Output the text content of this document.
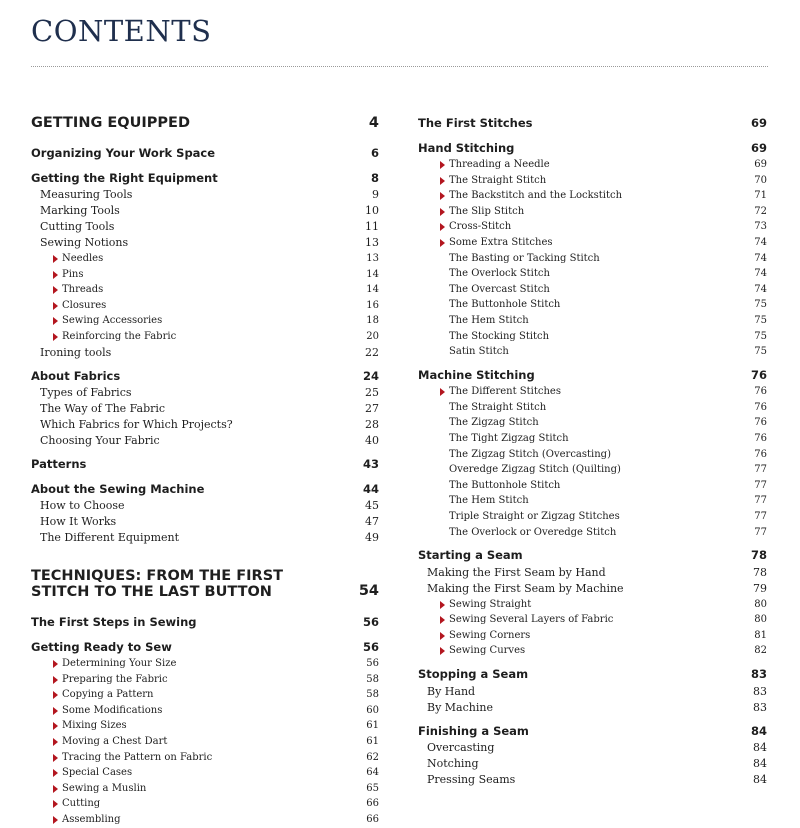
CONTENTS
GETTING EQUIPPED	4
Organizing Your Work Space	6
Getting the Right Equipment	8
Measuring Tools	9
Marking Tools	10
Cutting Tools	11
Sewing Notions	13
Needles	13
Pins	14
Threads	14
Closures	16
Sewing Accessories	18
Reinforcing the Fabric	20
Ironing tools	22
About Fabrics	24
Types of Fabrics	25
The Way of The Fabric	27
Which Fabrics for Which Projects?	28
Choosing Your Fabric	40
Patterns	43
About the Sewing Machine	44
How to Choose	45
How It Works	47
The Different Equipment	49
TECHNIQUES: FROM THE FIRST STITCH TO THE LAST BUTTON	54
The First Steps in Sewing	56
Getting Ready to Sew	56
Determining Your Size	56
Preparing the Fabric	58
Copying a Pattern	58
Some Modifications	60
Mixing Sizes	61
Moving a Chest Dart	61
Tracing the Pattern on Fabric	62
Special Cases	64
Sewing a Muslin	65
Cutting	66
Assembling	66
The First Stitches	69
Hand Stitching	69
Threading a Needle	69
The Straight Stitch	70
The Backstitch and the Lockstitch	71
The Slip Stitch	72
Cross-Stitch	73
Some Extra Stitches	74
The Basting or Tacking Stitch	74
The Overlock Stitch	74
The Overcast Stitch	74
The Buttonhole Stitch	75
The Hem Stitch	75
The Stocking Stitch	75
Satin Stitch	75
Machine Stitching	76
The Different Stitches	76
The Straight Stitch	76
The Zigzag Stitch	76
The Tight Zigzag Stitch	76
The Zigzag Stitch (Overcasting)	76
Overedge Zigzag Stitch (Quilting)	77
The Buttonhole Stitch	77
The Hem Stitch	77
Triple Straight or Zigzag Stitches	77
The Overlock or Overedge Stitch	77
Starting a Seam	78
Making the First Seam by Hand	78
Making the First Seam by Machine	79
Sewing Straight	80
Sewing Several Layers of Fabric	80
Sewing Corners	81
Sewing Curves	82
Stopping a Seam	83
By Hand	83
By Machine	83
Finishing a Seam	84
Overcasting	84
Notching	84
Pressing Seams	84
